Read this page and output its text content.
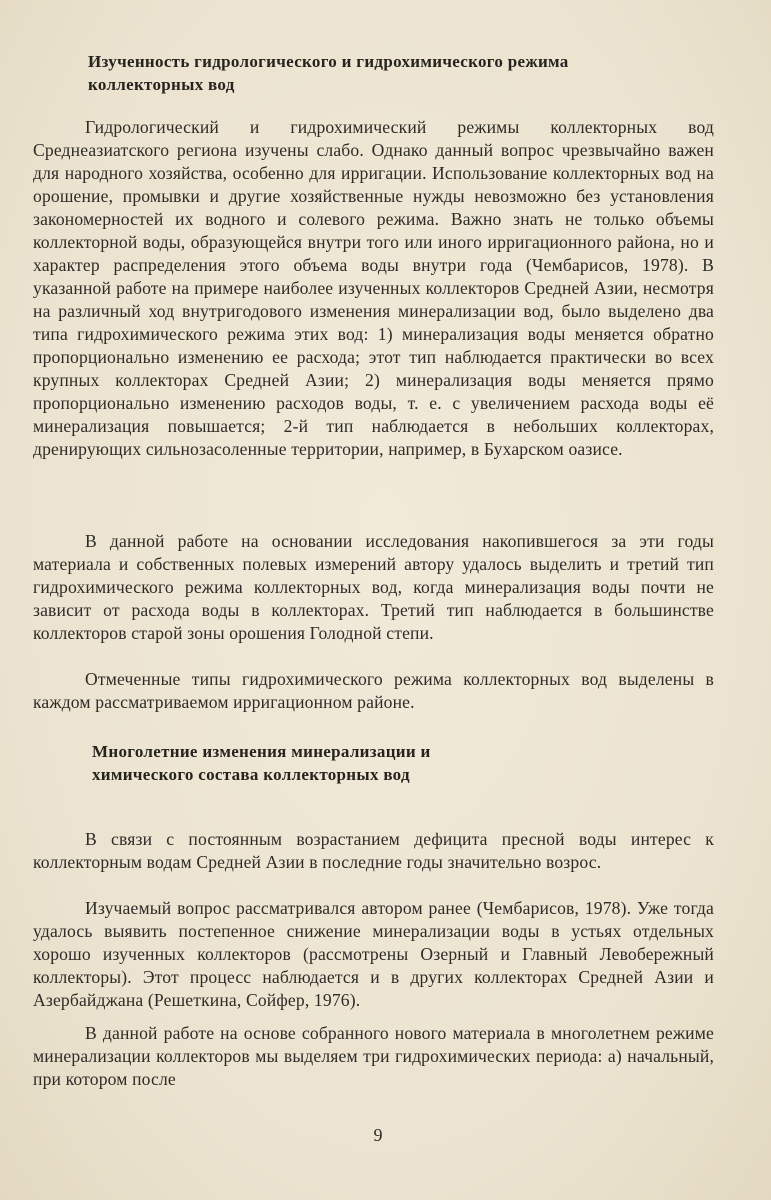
Изученность гидрологического и гидрохимического режима коллекторных вод

Гидрологический и гидрохимический режимы коллекторных вод Среднеазиатского региона изучены слабо. Однако данный вопрос чрезвычайно важен для народного хозяйства, особенно для ирригации. Использование коллекторных вод на орошение, промывки и другие хозяйственные нужды невозможно без установления закономерностей их водного и солевого режима. Важно знать не только объемы коллекторной воды, образующейся внутри того или иного ирригационного района, но и характер распределения этого объема воды внутри года (Чембарисов, 1978). В указанной работе на примере наиболее изученных коллекторов Средней Азии, несмотря на различный ход внутригодового изменения минерализации вод, было выделено два типа гидрохимического режима этих вод: 1) минерализация воды меняется обратно пропорционально изменению ее расхода; этот тип наблюдается практически во всех крупных коллекторах Средней Азии; 2) минерализация воды меняется прямо пропорционально изменению расходов воды, т. е. с увеличением расхода воды её минерализация повышается; 2-й тип наблюдается в небольших коллекторах, дренирующих сильнозасоленные территории, например, в Бухарском оазисе.

В данной работе на основании исследования накопившегося за эти годы материала и собственных полевых измерений автору удалось выделить и третий тип гидрохимического режима коллекторных вод, когда минерализация воды почти не зависит от расхода воды в коллекторах. Третий тип наблюдается в большинстве коллекторов старой зоны орошения Голодной степи.

Отмеченные типы гидрохимического режима коллекторных вод выделены в каждом рассматриваемом ирригационном районе.

Многолетние изменения минерализации и химического состава коллекторных вод

В связи с постоянным возрастанием дефицита пресной воды интерес к коллекторным водам Средней Азии в последние годы значительно возрос.

Изучаемый вопрос рассматривался автором ранее (Чембарисов, 1978). Уже тогда удалось выявить постепенное снижение минерализации воды в устьях отдельных хорошо изученных коллекторов (рассмотрены Озерный и Главный Левобережный коллекторы). Этот процесс наблюдается и в других коллекторах Средней Азии и Азербайджана (Решеткина, Сойфер, 1976).

В данной работе на основе собранного нового материала в многолетнем режиме минерализации коллекторов мы выделяем три гидрохимических периода: а) начальный, при котором после

9
